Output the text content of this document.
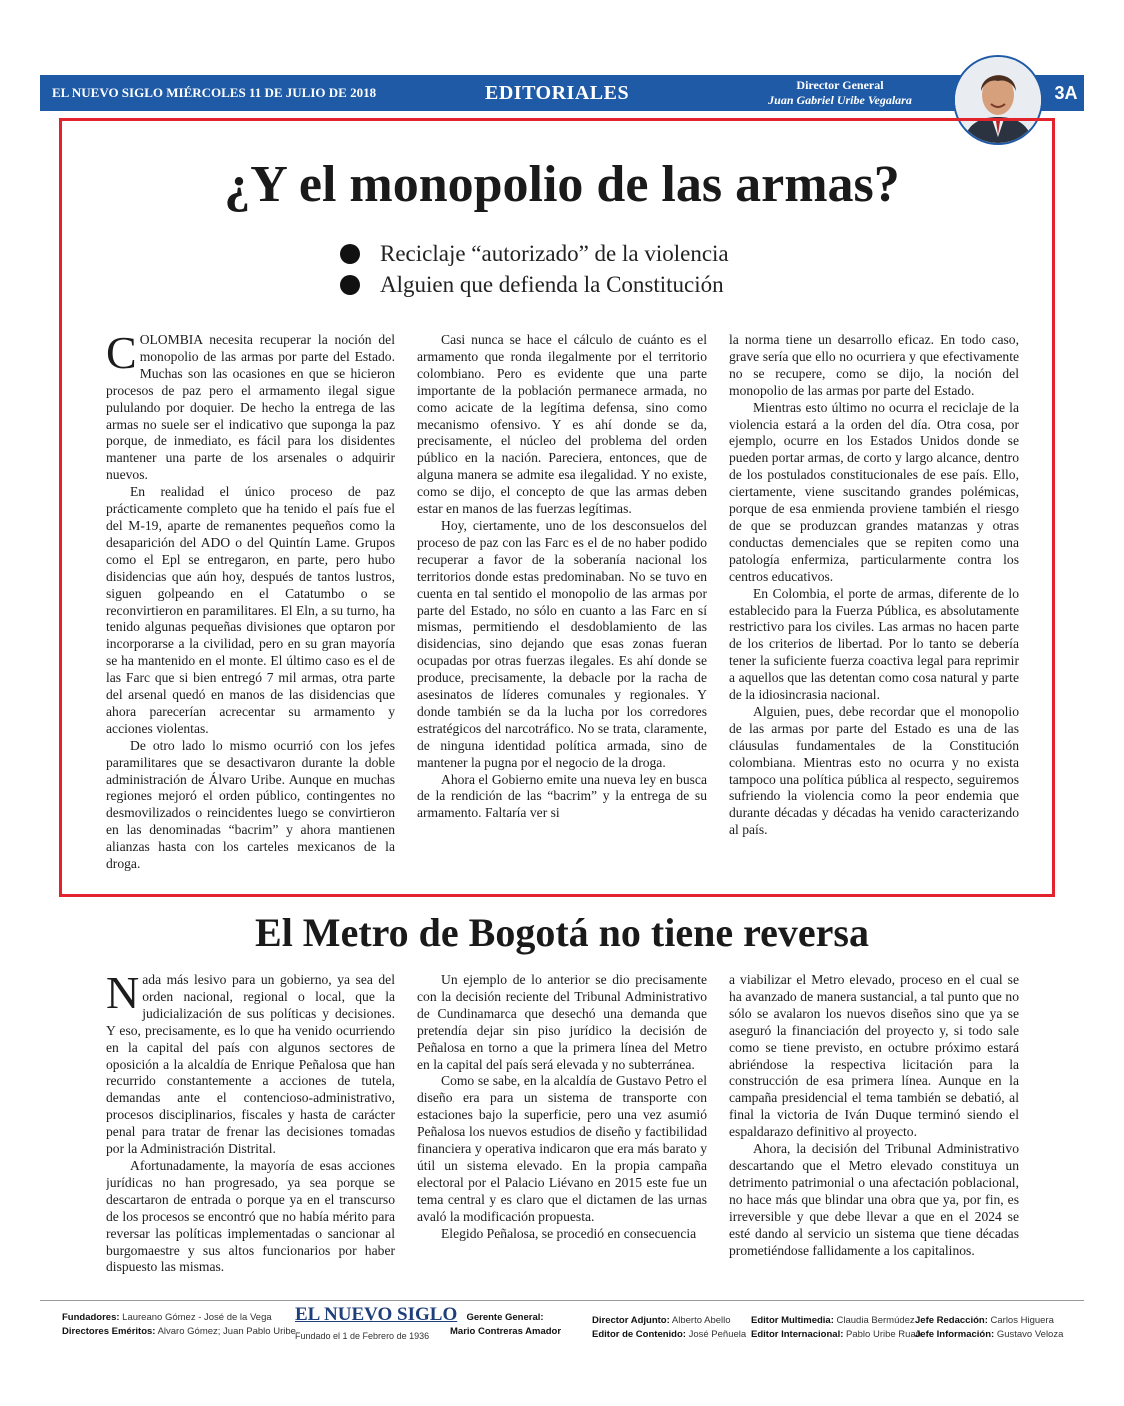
EL NUEVO SIGLO MIÉRCOLES 11 DE JULIO DE 2018	EDITORIALES	Director General
Juan Gabriel Uribe Vegalara	3A
¿Y el monopolio de las armas?
Reciclaje “autorizado” de la violencia
Alguien que defienda la Constitución

COLOMBIA necesita recuperar la noción del monopolio de las armas por parte del Estado. Muchas son las ocasiones en que se hicieron procesos de paz pero el armamento ilegal sigue pululando por doquier. De hecho la entrega de las armas no suele ser el indicativo que suponga la paz porque, de inmediato, es fácil para los disidentes mantener una parte de los arsenales o adquirir nuevos.

En realidad el único proceso de paz prácticamente completo que ha tenido el país fue el del M-19, aparte de remanentes pequeños como la desaparición del ADO o del Quintín Lame. Grupos como el Epl se entregaron, en parte, pero hubo disidencias que aún hoy, después de tantos lustros, siguen golpeando en el Catatumbo o se reconvirtieron en paramilitares. El Eln, a su turno, ha tenido algunas pequeñas divisiones que optaron por incorporarse a la civilidad, pero en su gran mayoría se ha mantenido en el monte. El último caso es el de las Farc que si bien entregó 7 mil armas, otra parte del arsenal quedó en manos de las disidencias que ahora parecerían acrecentar su armamento y acciones violentas.

De otro lado lo mismo ocurrió con los jefes paramilitares que se desactivaron durante la doble administración de Álvaro Uribe. Aunque en muchas regiones mejoró el orden público, contingentes no desmovilizados o reincidentes luego se convirtieron en las denominadas “bacrim” y ahora mantienen alianzas hasta con los carteles mexicanos de la droga.

Casi nunca se hace el cálculo de cuánto es el armamento que ronda ilegalmente por el territorio colombiano. Pero es evidente que una parte importante de la población permanece armada, no como acicate de la legítima defensa, sino como mecanismo ofensivo. Y es ahí donde se da, precisamente, el núcleo del problema del orden público en la nación. Pareciera, entonces, que de alguna manera se admite esa ilegalidad. Y no existe, como se dijo, el concepto de que las armas deben estar en manos de las fuerzas legítimas.

Hoy, ciertamente, uno de los desconsuelos del proceso de paz con las Farc es el de no haber podido recuperar a favor de la soberanía nacional los territorios donde estas predominaban. No se tuvo en cuenta en tal sentido el monopolio de las armas por parte del Estado, no sólo en cuanto a las Farc en sí mismas, permitiendo el desdoblamiento de las disidencias, sino dejando que esas zonas fueran ocupadas por otras fuerzas ilegales. Es ahí donde se produce, precisamente, la debacle por la racha de asesinatos de líderes comunales y regionales. Y donde también se da la lucha por los corredores estratégicos del narcotráfico. No se trata, claramente, de ninguna identidad política armada, sino de mantener la pugna por el negocio de la droga.

Ahora el Gobierno emite una nueva ley en busca de la rendición de las “bacrim” y la entrega de su armamento. Faltaría ver si

la norma tiene un desarrollo eficaz. En todo caso, grave sería que ello no ocurriera y que efectivamente no se recupere, como se dijo, la noción del monopolio de las armas por parte del Estado.

Mientras esto último no ocurra el reciclaje de la violencia estará a la orden del día. Otra cosa, por ejemplo, ocurre en los Estados Unidos donde se pueden portar armas, de corto y largo alcance, dentro de los postulados constitucionales de ese país. Ello, ciertamente, viene suscitando grandes polémicas, porque de esa enmienda proviene también el riesgo de que se produzcan grandes matanzas y otras conductas demenciales que se repiten como una patología enfermiza, particularmente contra los centros educativos.

En Colombia, el porte de armas, diferente de lo establecido para la Fuerza Pública, es absolutamente restrictivo para los civiles. Las armas no hacen parte de los criterios de libertad. Por lo tanto se debería tener la suficiente fuerza coactiva legal para reprimir a aquellos que las detentan como cosa natural y parte de la idiosincrasia nacional.

Alguien, pues, debe recordar que el monopolio de las armas por parte del Estado es una de las cláusulas fundamentales de la Constitución colombiana. Mientras esto no ocurra y no exista tampoco una política pública al respecto, seguiremos sufriendo la violencia como la peor endemia que durante décadas y décadas ha venido caracterizando al país.

El Metro de Bogotá no tiene reversa

Nada más lesivo para un gobierno, ya sea del orden nacional, regional o local, que la judicialización de sus políticas y decisiones. Y eso, precisamente, es lo que ha venido ocurriendo en la capital del país con algunos sectores de oposición a la alcaldía de Enrique Peñalosa que han recurrido constantemente a acciones de tutela, demandas ante el contencioso-administrativo, procesos disciplinarios, fiscales y hasta de carácter penal para tratar de frenar las decisiones tomadas por la Administración Distrital.

Afortunadamente, la mayoría de esas acciones jurídicas no han progresado, ya sea porque se descartaron de entrada o porque ya en el transcurso de los procesos se encontró que no había mérito para reversar las políticas implementadas o sancionar al burgomaestre y sus altos funcionarios por haber dispuesto las mismas.

Un ejemplo de lo anterior se dio precisamente con la decisión reciente del Tribunal Administrativo de Cundinamarca que desechó una demanda que pretendía dejar sin piso jurídico la decisión de Peñalosa en torno a que la primera línea del Metro en la capital del país será elevada y no subterránea.

Como se sabe, en la alcaldía de Gustavo Petro el diseño era para un sistema de transporte con estaciones bajo la superficie, pero una vez asumió Peñalosa los nuevos estudios de diseño y factibilidad financiera y operativa indicaron que era más barato y útil un sistema elevado. En la propia campaña electoral por el Palacio Liévano en 2015 este fue un tema central y es claro que el dictamen de las urnas avaló la modificación propuesta.

Elegido Peñalosa, se procedió en consecuencia

a viabilizar el Metro elevado, proceso en el cual se ha avanzado de manera sustancial, a tal punto que no sólo se avalaron los nuevos diseños sino que ya se aseguró la financiación del proyecto y, si todo sale como se tiene previsto, en octubre próximo estará abriéndose la respectiva licitación para la construcción de esa primera línea. Aunque en la campaña presidencial el tema también se debatió, al final la victoria de Iván Duque terminó siendo el espaldarazo definitivo al proyecto.

Ahora, la decisión del Tribunal Administrativo descartando que el Metro elevado constituya un detrimento patrimonial o una afectación poblacional, no hace más que blindar una obra que ya, por fin, es irreversible y que debe llevar a que en el 2024 se esté dando al servicio un sistema que tiene décadas prometiéndose fallidamente a los capitalinos.

Fundadores: Laureano Gómez - José de la Vega
Directores Eméritos: Alvaro Gómez; Juan Pablo Uribe
EL NUEVO SIGLO
Fundado el 1 de Febrero de 1936
Gerente General:
Mario Contreras Amador
Director Adjunto: Alberto Abello
Editor de Contenido: José Peñuela
Editor Multimedia: Claudia Bermúdez
Editor Internacional: Pablo Uribe Ruan
Jefe Redacción: Carlos Higuera
Jefe Información: Gustavo Veloza
